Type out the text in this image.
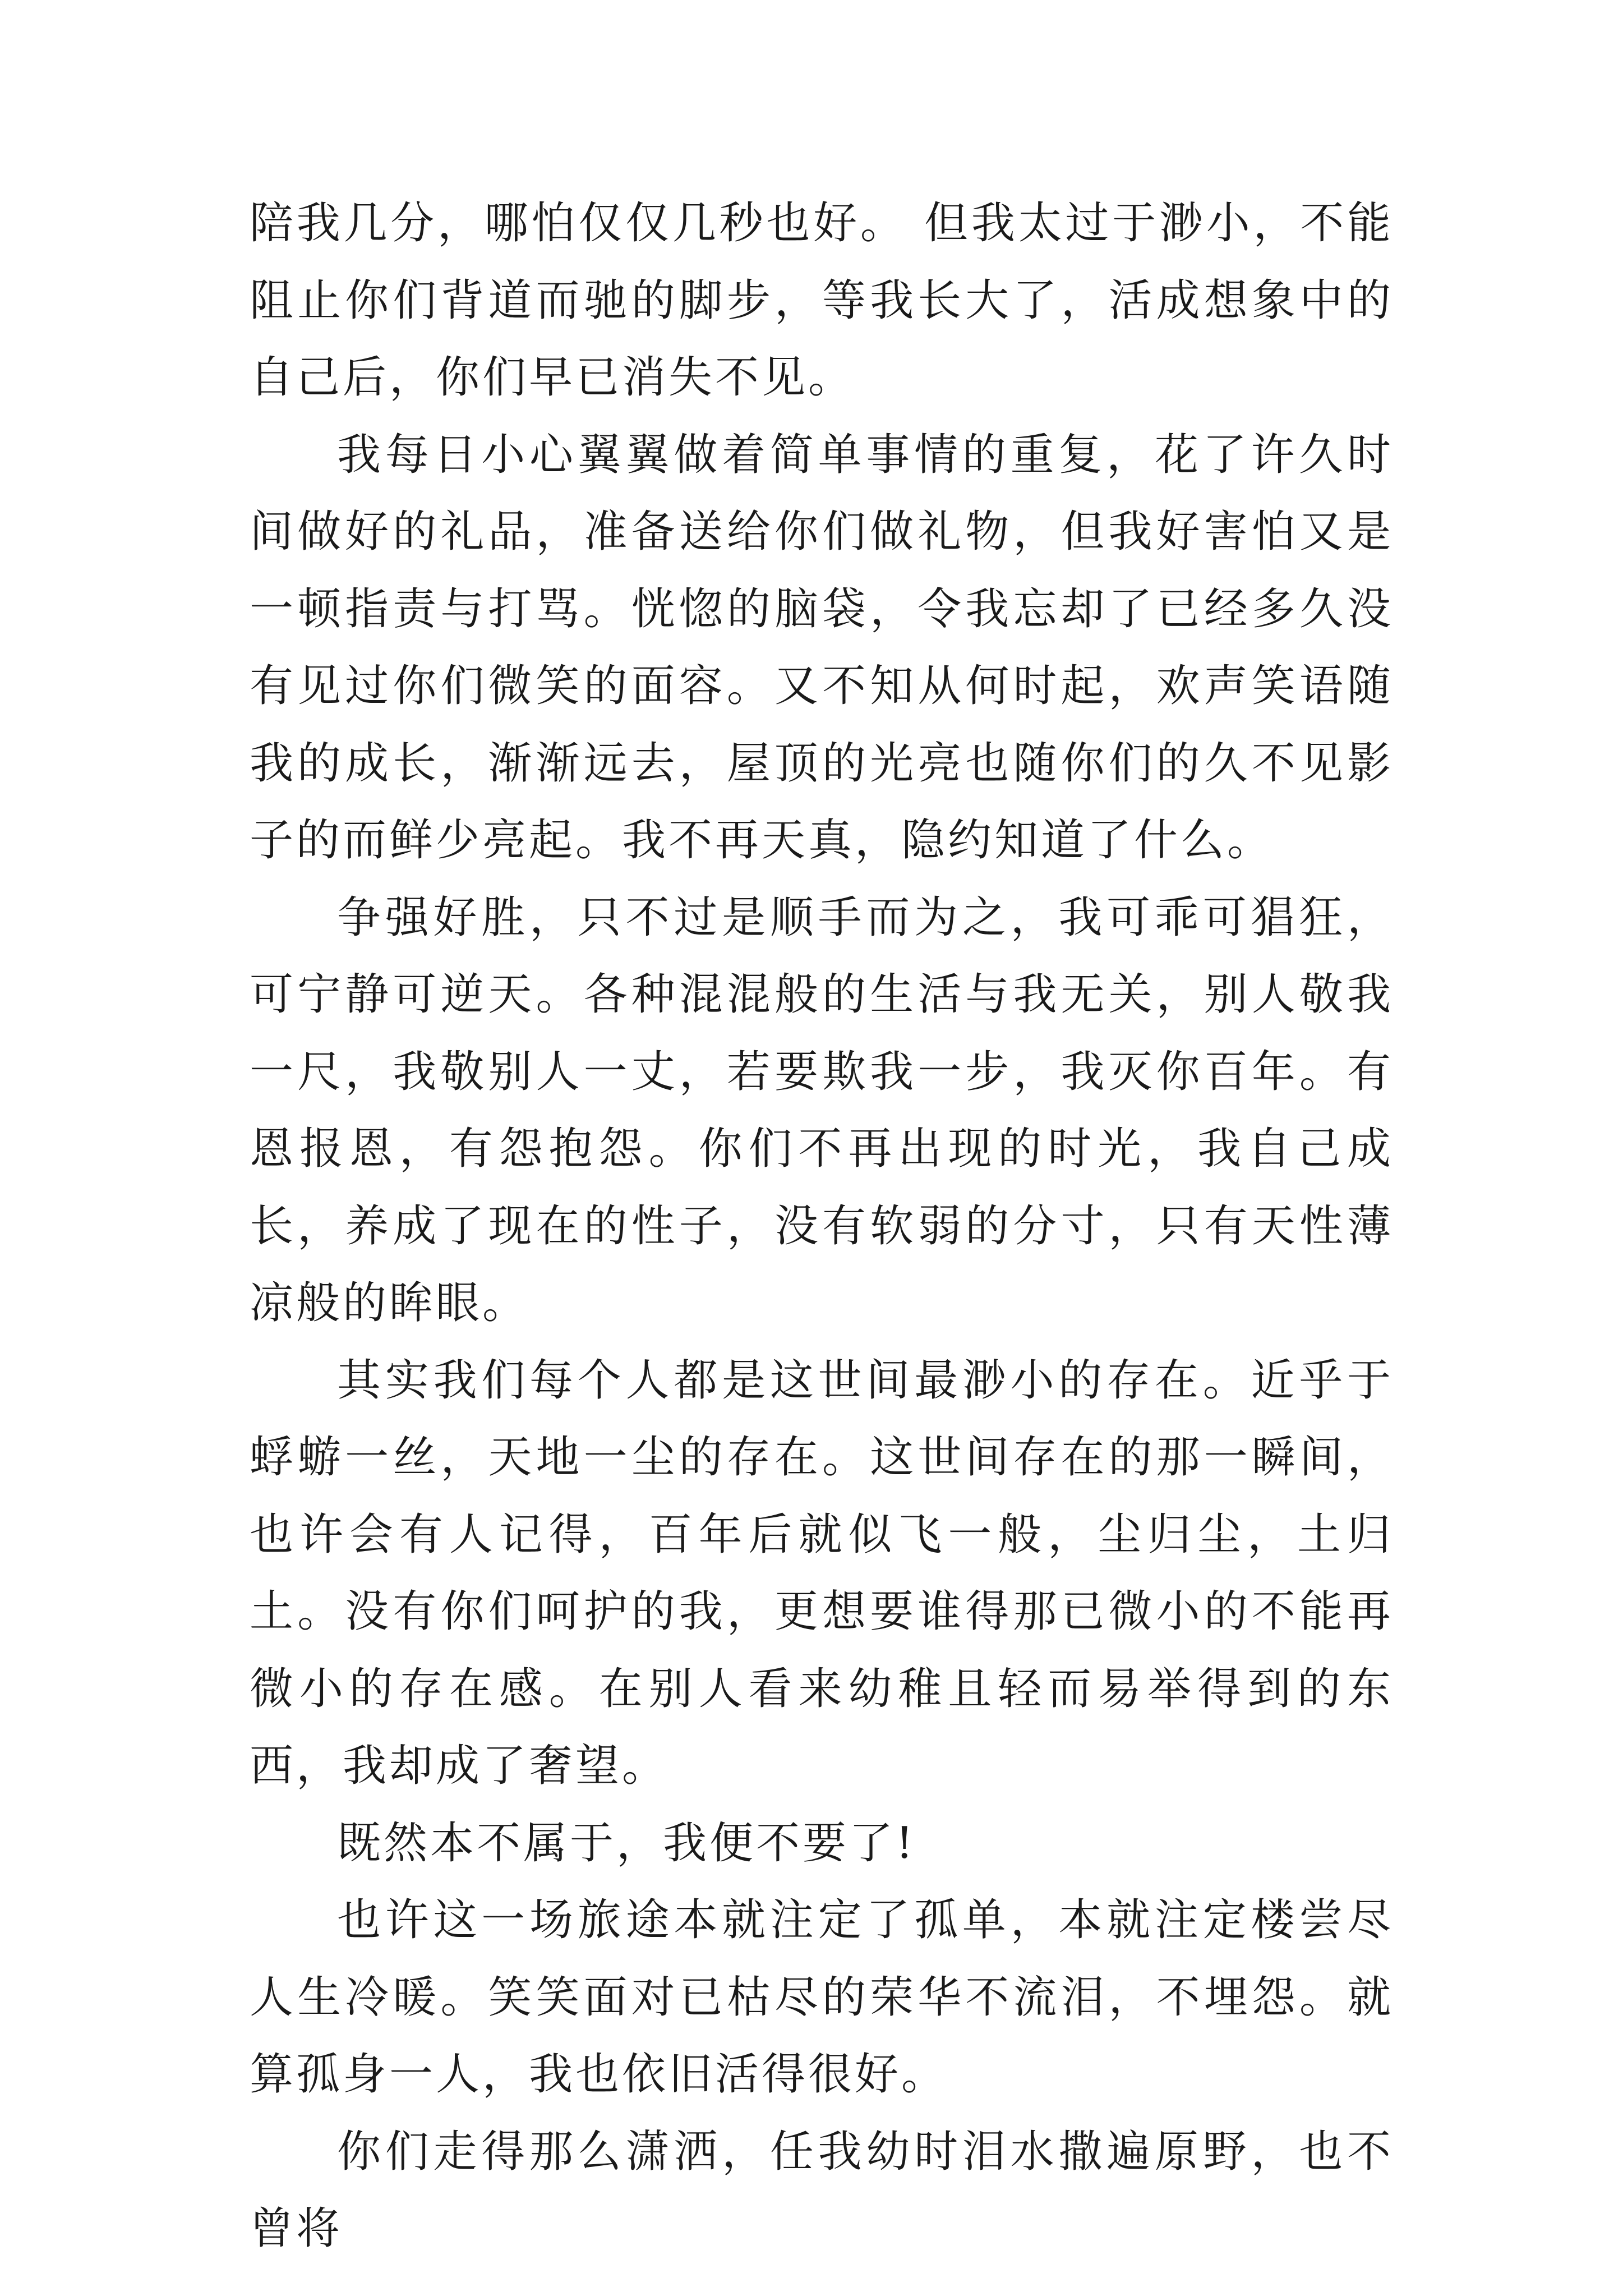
陪我几分，哪怕仅仅几秒也好。 但我太过于渺小，不能阻止你们背道而驰的脚步，等我长大了，活成想象中的自己后，你们早已消失不见。

我每日小心翼翼做着简单事情的重复，花了许久时间做好的礼品，准备送给你们做礼物，但我好害怕又是一顿指责与打骂。恍惚的脑袋，令我忘却了已经多久没有见过你们微笑的面容。又不知从何时起，欢声笑语随我的成长，渐渐远去，屋顶的光亮也随你们的久不见影子的而鲜少亮起。我不再天真，隐约知道了什么。

争强好胜，只不过是顺手而为之，我可乖可猖狂，可宁静可逆天。各种混混般的生活与我无关，别人敬我一尺，我敬别人一丈，若要欺我一步，我灭你百年。有恩报恩，有怨抱怨。你们不再出现的时光，我自己成长，养成了现在的性子，没有软弱的分寸，只有天性薄凉般的眸眼。

其实我们每个人都是这世间最渺小的存在。近乎于蜉蝣一丝，天地一尘的存在。这世间存在的那一瞬间，也许会有人记得，百年后就似飞一般，尘归尘，土归土。没有你们呵护的我，更想要谁得那已微小的不能再微小的存在感。在别人看来幼稚且轻而易举得到的东西，我却成了奢望。

既然本不属于，我便不要了!

也许这一场旅途本就注定了孤单，本就注定楼尝尽人生冷暖。笑笑面对已枯尽的荣华不流泪，不埋怨。就算孤身一人，我也依旧活得很好。

你们走得那么潇洒，任我幼时泪水撒遍原野，也不曾将
